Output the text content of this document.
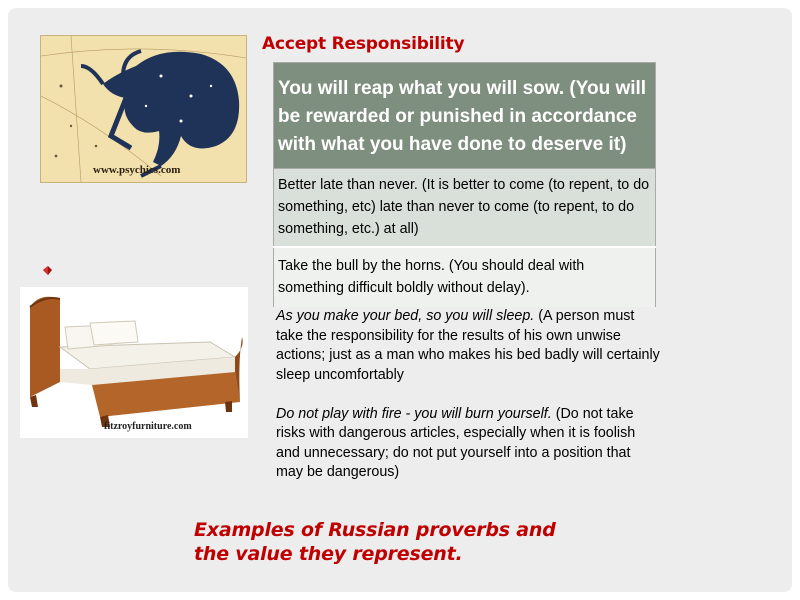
Accept Responsibility
www.psychics.com
fitzroyfurniture.com
You will reap what you will sow. (You will be rewarded or punished in accordance with what you have done to deserve it)
Better late than never. (It is better to come (to repent, to do something, etc) late than never to come (to repent, to do something, etc.) at all)
Take the bull by the horns. (You should deal with something difficult boldly without delay).

As you make your bed, so you will sleep. (A person must take the responsibility for the results of his own unwise actions; just as a man who makes his bed badly will certainly sleep uncomfortably

Do not play with fire - you will burn yourself. (Do not take risks with dangerous articles, especially when it is foolish and unnecessary; do not put yourself into a position that may be dangerous)

Examples of Russian proverbs and the value they represent.
